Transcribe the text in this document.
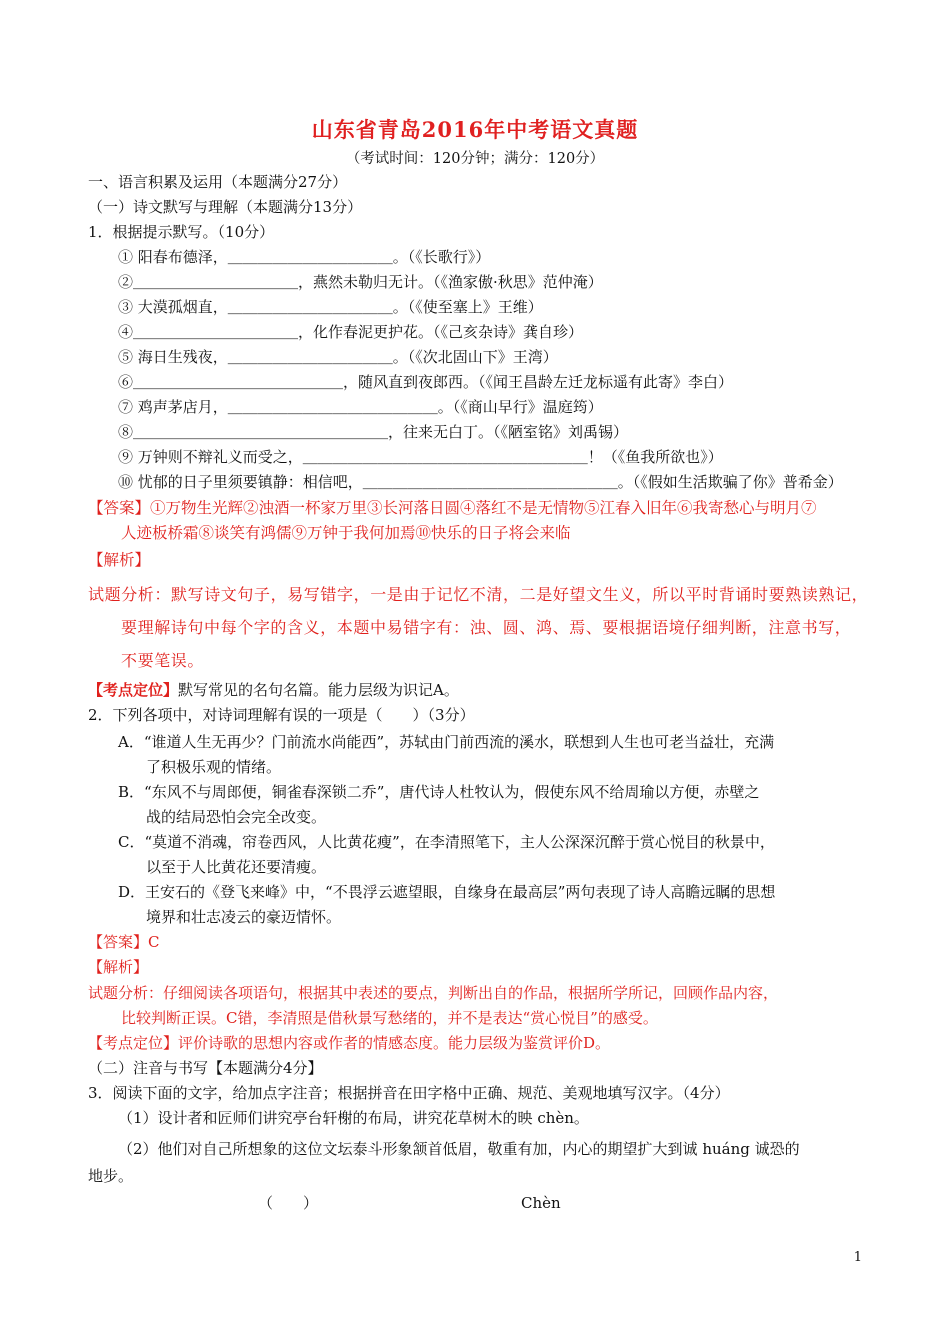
山东省青岛2016年中考语文真题
（考试时间：120分钟；满分：120分）
一、语言积累及运用（本题满分27分）
（一）诗文默写与理解（本题满分13分）
1．根据提示默写。（10分）
① 阳春布德泽，＿＿＿＿＿＿＿＿＿＿＿。（《长歌行》）
②＿＿＿＿＿＿＿＿＿＿＿，燕然未勒归无计。（《渔家傲·秋思》范仲淹）
③ 大漠孤烟直，＿＿＿＿＿＿＿＿＿＿＿。（《使至塞上》王维）
④＿＿＿＿＿＿＿＿＿＿＿，化作春泥更护花。（《己亥杂诗》龚自珍）
⑤ 海日生残夜，＿＿＿＿＿＿＿＿＿＿＿。（《次北固山下》王湾）
⑥＿＿＿＿＿＿＿＿＿＿＿＿＿＿，随风直到夜郎西。（《闻王昌龄左迁龙标遥有此寄》李白）
⑦ 鸡声茅店月，＿＿＿＿＿＿＿＿＿＿＿＿＿＿。（《商山早行》温庭筠）
⑧＿＿＿＿＿＿＿＿＿＿＿＿＿＿＿＿＿，往来无白丁。（《陋室铭》刘禹锡）
⑨ 万钟则不辩礼义而受之，＿＿＿＿＿＿＿＿＿＿＿＿＿＿＿＿＿＿＿！（《鱼我所欲也》）
⑩ 忧郁的日子里须要镇静：相信吧，＿＿＿＿＿＿＿＿＿＿＿＿＿＿＿＿＿。（《假如生活欺骗了你》普希金）
【答案】①万物生光辉②浊酒一杯家万里③长河落日圆④落红不是无情物⑤江春入旧年⑥我寄愁心与明月⑦
人迹板桥霜⑧谈笑有鸿儒⑨万钟于我何加焉⑩快乐的日子将会来临
【解析】
试题分析：默写诗文句子，易写错字，一是由于记忆不清，二是好望文生义，所以平时背诵时要熟读熟记，
要理解诗句中每个字的含义，本题中易错字有：浊、圆、鸿、焉、要根据语境仔细判断，注意书写，
不要笔误。
【考点定位】默写常见的名句名篇。能力层级为识记A。
2．下列各项中，对诗词理解有误的一项是（　　）（3分）
A．“谁道人生无再少？门前流水尚能西”，苏轼由门前西流的溪水，联想到人生也可老当益壮，充满
了积极乐观的情绪。
B．“东风不与周郎便，铜雀春深锁二乔”，唐代诗人杜牧认为，假使东风不给周瑜以方便，赤壁之
战的结局恐怕会完全改变。
C．“莫道不消魂，帘卷西风，人比黄花瘦”，在李清照笔下，主人公深深沉醉于赏心悦目的秋景中，
以至于人比黄花还要清瘦。
D．王安石的《登飞来峰》中，“不畏浮云遮望眼，自缘身在最高层”两句表现了诗人高瞻远瞩的思想
境界和壮志凌云的豪迈情怀。
【答案】C
【解析】
试题分析：仔细阅读各项语句，根据其中表述的要点，判断出自的作品，根据所学所记，回顾作品内容，
比较判断正误。C错，李清照是借秋景写愁绪的，并不是表达“赏心悦目”的感受。
【考点定位】评价诗歌的思想内容或作者的情感态度。能力层级为鉴赏评价D。
（二）注音与书写【本题满分4分】
3．阅读下面的文字，给加点字注音；根据拼音在田字格中正确、规范、美观地填写汉字。（4分）
（1）设计者和匠师们讲究亭台轩榭的布局，讲究花草树木的映 chèn。
（2）他们对自己所想象的这位文坛泰斗形象颔首低眉，敬重有加，内心的期望扩大到诚 huáng 诚恐的
地步。
（　　）	Chèn
1
